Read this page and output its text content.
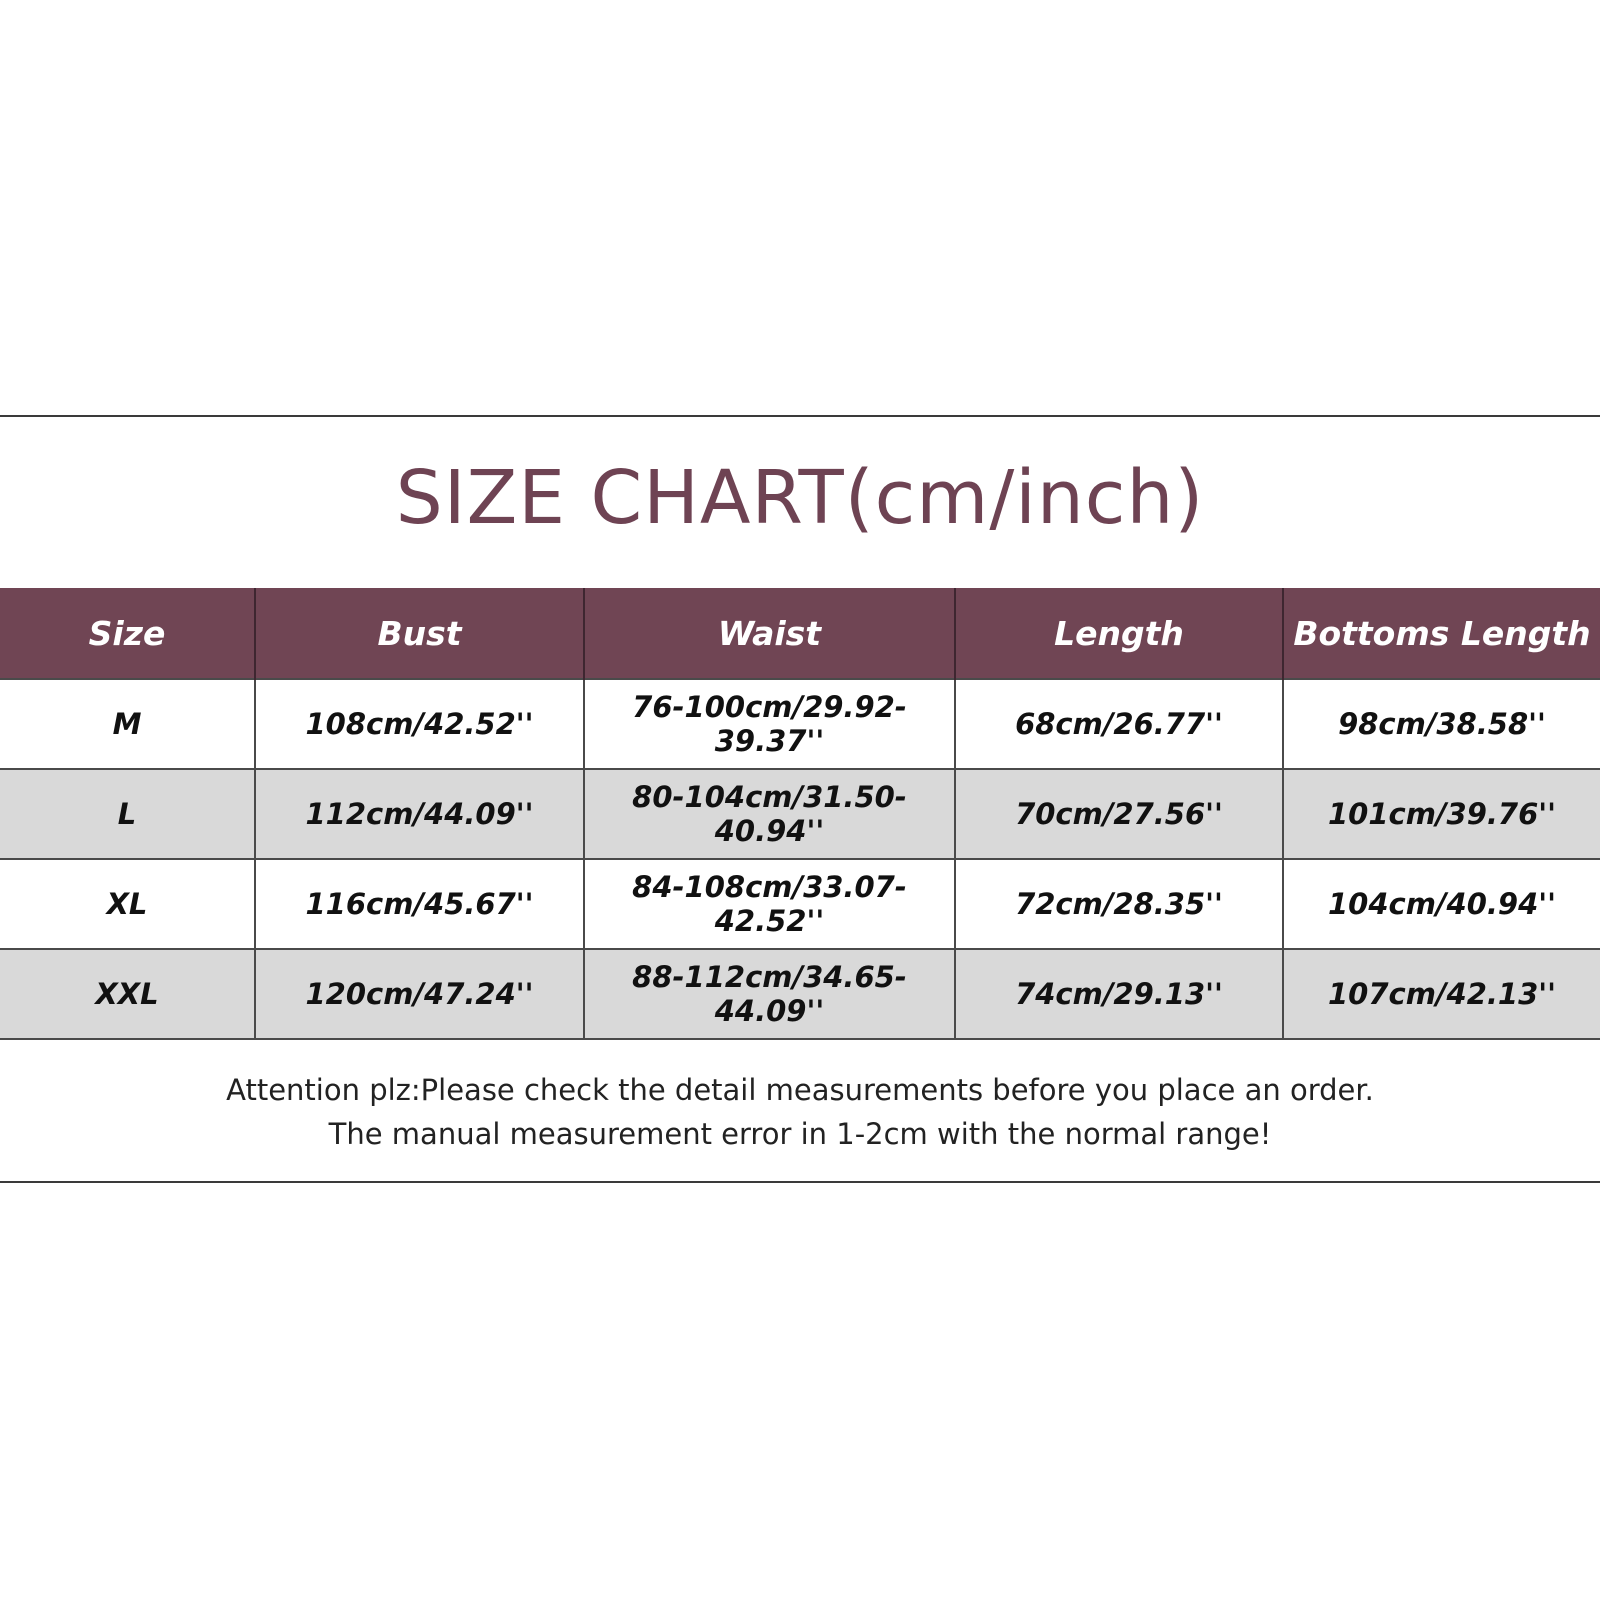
SIZE CHART(cm/inch)
Size	Bust	Waist	Length	Bottoms Length
M	108cm/42.52''	76-100cm/29.92-39.37''	68cm/26.77''	98cm/38.58''
L	112cm/44.09''	80-104cm/31.50-40.94''	70cm/27.56''	101cm/39.76''
XL	116cm/45.67''	84-108cm/33.07-42.52''	72cm/28.35''	104cm/40.94''
XXL	120cm/47.24''	88-112cm/34.65-44.09''	74cm/29.13''	107cm/42.13''
Attention plz:Please check the detail measurements before you place an order.
The manual measurement error in 1-2cm with the normal range!
